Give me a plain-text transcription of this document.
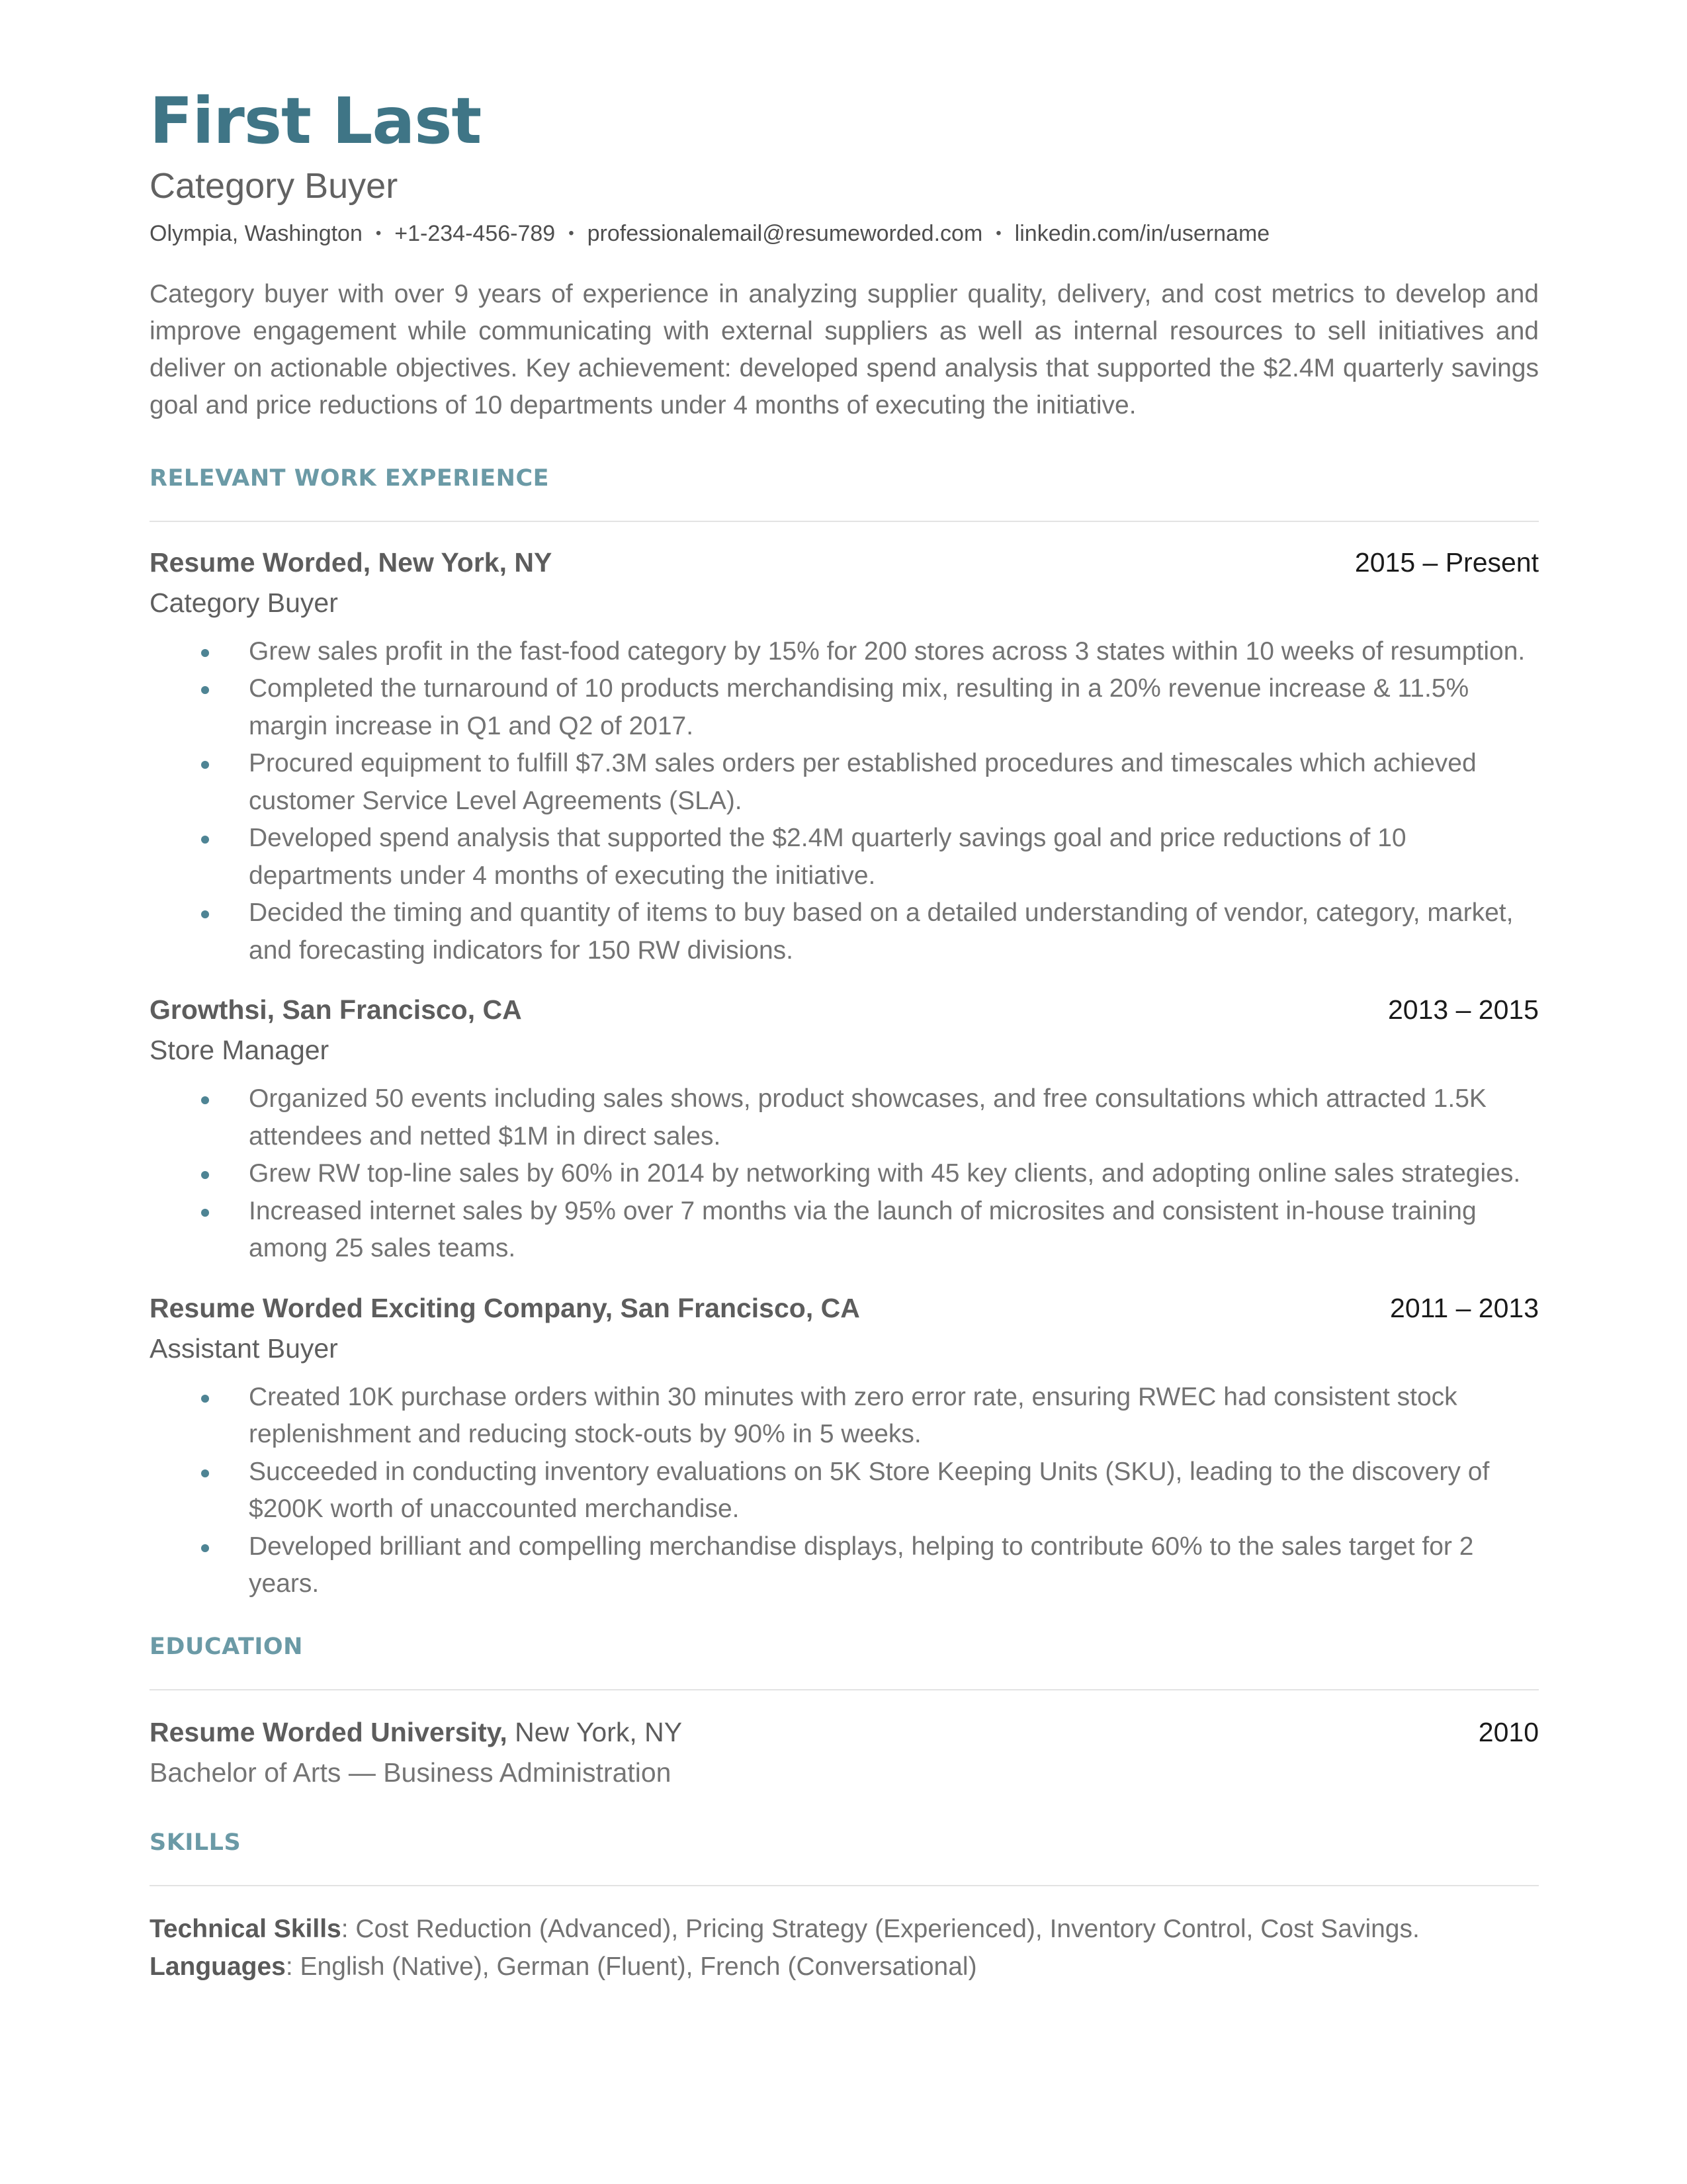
First Last
Category Buyer
Olympia, Washington • +1-234-456-789 • professionalemail@resumeworded.com • linkedin.com/in/username

Category buyer with over 9 years of experience in analyzing supplier quality, delivery, and cost metrics to develop and improve engagement while communicating with external suppliers as well as internal resources to sell initiatives and deliver on actionable objectives. Key achievement: developed spend analysis that supported the $2.4M quarterly savings goal and price reductions of 10 departments under 4 months of executing the initiative.

RELEVANT WORK EXPERIENCE
Resume Worded, New York, NY	2015 – Present
Category Buyer
Grew sales profit in the fast-food category by 15% for 200 stores across 3 states within 10 weeks of resumption.
Completed the turnaround of 10 products merchandising mix, resulting in a 20% revenue increase & 11.5% margin increase in Q1 and Q2 of 2017.
Procured equipment to fulfill $7.3M sales orders per established procedures and timescales which achieved customer Service Level Agreements (SLA).
Developed spend analysis that supported the $2.4M quarterly savings goal and price reductions of 10 departments under 4 months of executing the initiative.
Decided the timing and quantity of items to buy based on a detailed understanding of vendor, category, market, and forecasting indicators for 150 RW divisions.
Growthsi, San Francisco, CA	2013 – 2015
Store Manager
Organized 50 events including sales shows, product showcases, and free consultations which attracted 1.5K attendees and netted $1M in direct sales.
Grew RW top-line sales by 60% in 2014 by networking with 45 key clients, and adopting online sales strategies.
Increased internet sales by 95% over 7 months via the launch of microsites and consistent in-house training among 25 sales teams.
Resume Worded Exciting Company, San Francisco, CA	2011 – 2013
Assistant Buyer
Created 10K purchase orders within 30 minutes with zero error rate, ensuring RWEC had consistent stock replenishment and reducing stock-outs by 90% in 5 weeks.
Succeeded in conducting inventory evaluations on 5K Store Keeping Units (SKU), leading to the discovery of $200K worth of unaccounted merchandise.
Developed brilliant and compelling merchandise displays, helping to contribute 60% to the sales target for 2 years.
EDUCATION
Resume Worded University, New York, NY	2010
Bachelor of Arts — Business Administration
SKILLS
Technical Skills: Cost Reduction (Advanced), Pricing Strategy (Experienced), Inventory Control, Cost Savings.
Languages: English (Native), German (Fluent), French (Conversational)
